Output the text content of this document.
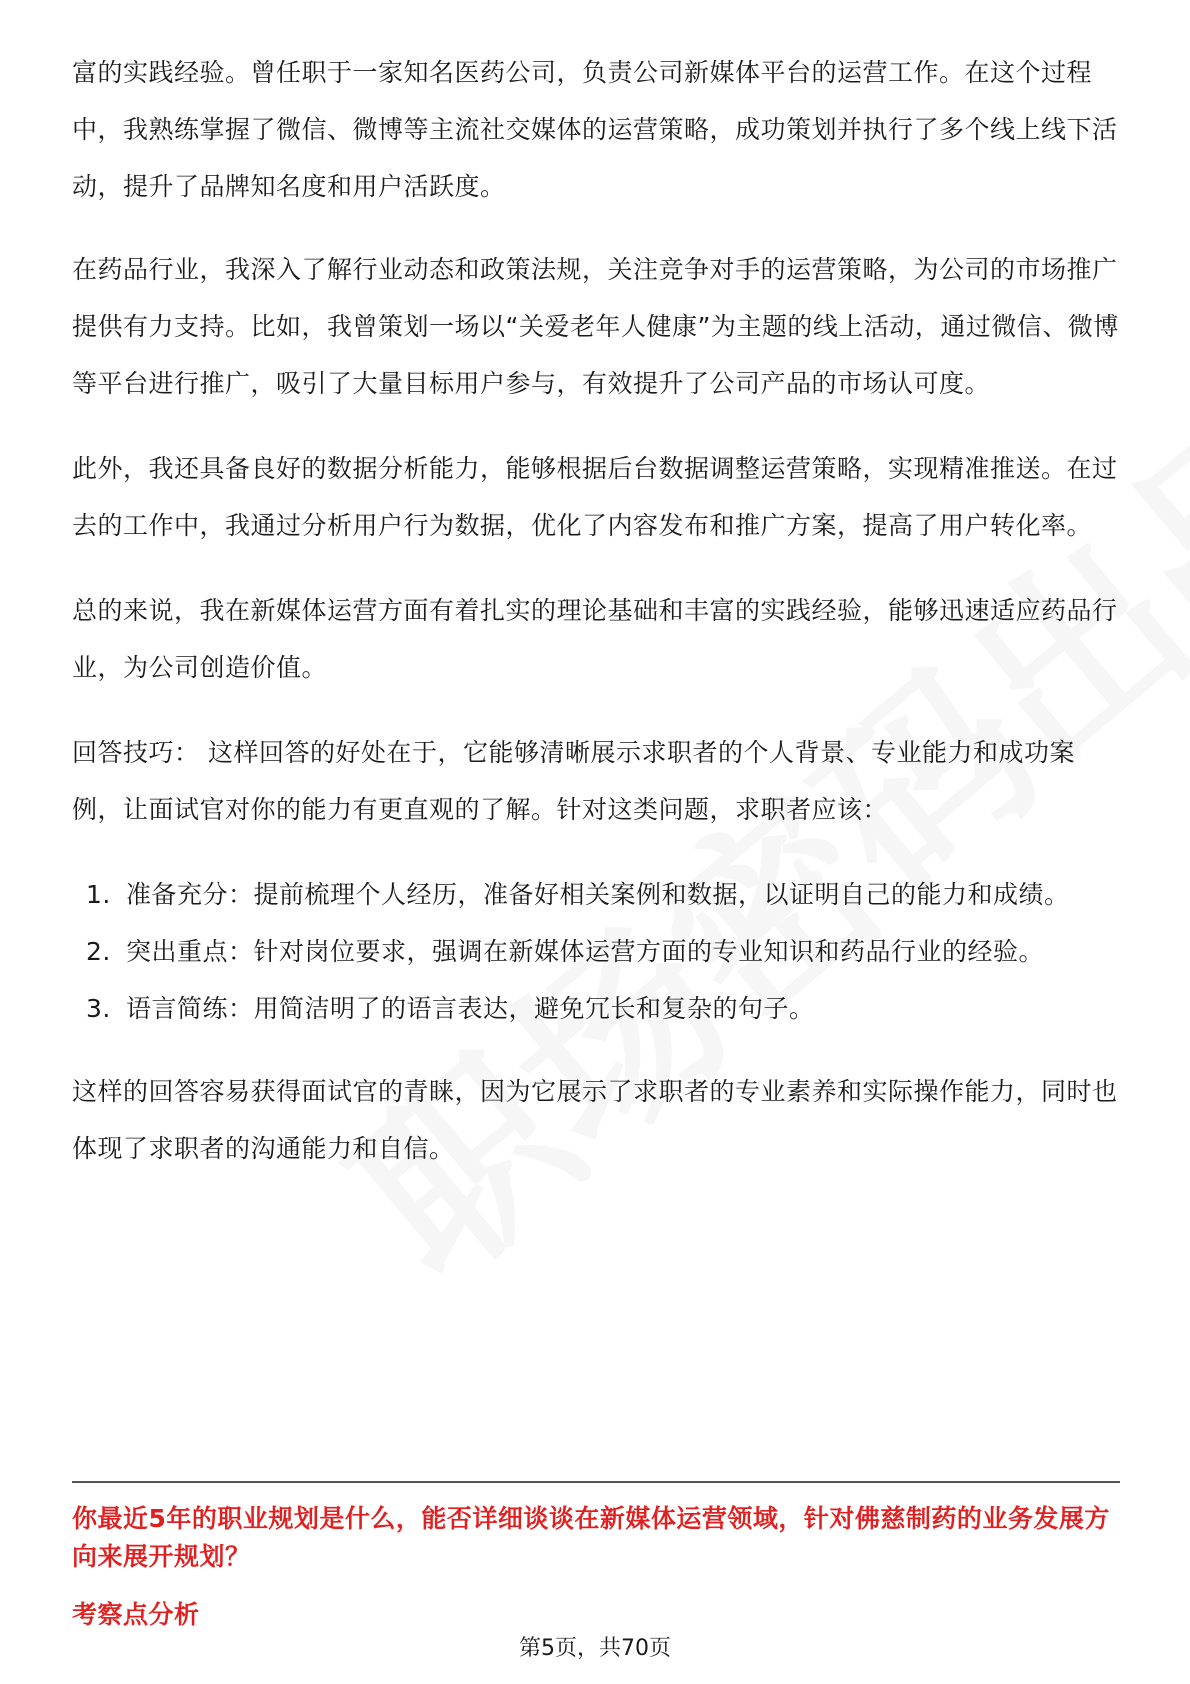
富的实践经验。曾任职于一家知名医药公司，负责公司新媒体平台的运营工作。在这个过程中，我熟练掌握了微信、微博等主流社交媒体的运营策略，成功策划并执行了多个线上线下活动，提升了品牌知名度和用户活跃度。

在药品行业，我深入了解行业动态和政策法规，关注竞争对手的运营策略，为公司的市场推广提供有力支持。比如，我曾策划一场以“关爱老年人健康”为主题的线上活动，通过微信、微博等平台进行推广，吸引了大量目标用户参与，有效提升了公司产品的市场认可度。

此外，我还具备良好的数据分析能力，能够根据后台数据调整运营策略，实现精准推送。在过去的工作中，我通过分析用户行为数据，优化了内容发布和推广方案，提高了用户转化率。

总的来说，我在新媒体运营方面有着扎实的理论基础和丰富的实践经验，能够迅速适应药品行业，为公司创造价值。

回答技巧： 这样回答的好处在于，它能够清晰展示求职者的个人背景、专业能力和成功案例，让面试官对你的能力有更直观的了解。针对这类问题，求职者应该：

1. 准备充分：提前梳理个人经历，准备好相关案例和数据，以证明自己的能力和成绩。
2. 突出重点：针对岗位要求，强调在新媒体运营方面的专业知识和药品行业的经验。
3. 语言简练：用简洁明了的语言表达，避免冗长和复杂的句子。

这样的回答容易获得面试官的青睐，因为它展示了求职者的专业素养和实际操作能力，同时也体现了求职者的沟通能力和自信。

你最近5年的职业规划是什么，能否详细谈谈在新媒体运营领域，针对佛慈制药的业务发展方向来展开规划？
考察点分析
第5页，共70页
